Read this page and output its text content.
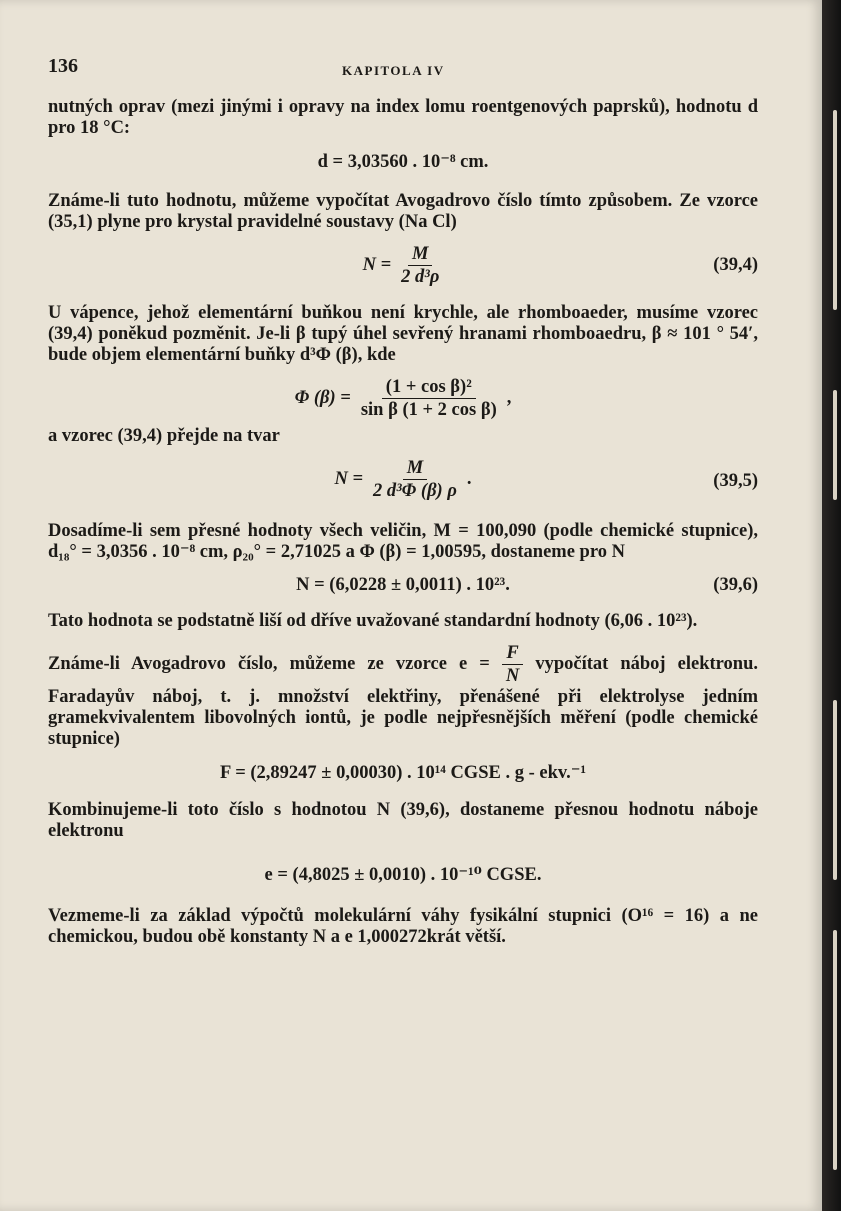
136	KAPITOLA IV

nutných oprav (mezi jinými i opravy na index lomu roentgenových paprsků), hodnotu d pro 18 °C:

d = 3,03560 . 10⁻⁸ cm.

Známe-li tuto hodnotu, můžeme vypočítat Avogadrovo číslo tímto způsobem. Ze vzorce (35,1) plyne pro krystal pravidelné soustavy (Na Cl)

$N = \frac{M}{\text{2 d³ρ}}$	(39,4)

U vápence, jehož elementární buňkou není krychle, ale rhomboaeder, musíme vzorec (39,4) poněkud pozměnit. Je-li β tupý úhel sevřený hranami rhomboaedru, β ≈ 101 ° 54′, bude objem elementární buňky d³Φ (β), kde

Φ $(\beta) = \frac{\text{(1 + cos β)²}}{\text{sin β (1 + 2 cos β)}}$ ,

a vzorec (39,4) přejde na tvar

$N = \frac{M}{\text{2 d³Φ (β) ρ}}$ .	(39,5)

Dosadíme-li sem přesné hodnoty všech veličin, M = 100,090 (podle chemické stupnice), d₁₈° = 3,0356 . 10⁻⁸ cm, ρ₂₀° = 2,71025 a Φ (β) = 1,00595, dostaneme pro N

N = (6,0228 ± 0,0011) . 10²³.	(39,6)

Tato hodnota se podstatně liší od dříve uvažované standardní hodnoty (6,06 . 10²³).

Známe-li Avogadrovo číslo, můžeme ze vzorce $e = \frac{F}{N}$ vypočítat náboj elektronu. Faradayův náboj, t. j. množství elektřiny, přenášené při elektrolyse jedním gramekvivalentem libovolných iontů, je podle nejpřesnějších měření (podle chemické stupnice)

F = (2,89247 ± 0,00030) . 10¹⁴ CGSE . g - ekv.⁻¹

Kombinujeme-li toto číslo s hodnotou N (39,6), dostaneme přesnou hodnotu náboje elektronu

e = (4,8025 ± 0,0010) . 10⁻¹⁰ CGSE.

Vezmeme-li za základ výpočtů molekulární váhy fysikální stupnici (O¹⁶ = 16) a ne chemickou, budou obě konstanty N a e 1,000272krát větší.
